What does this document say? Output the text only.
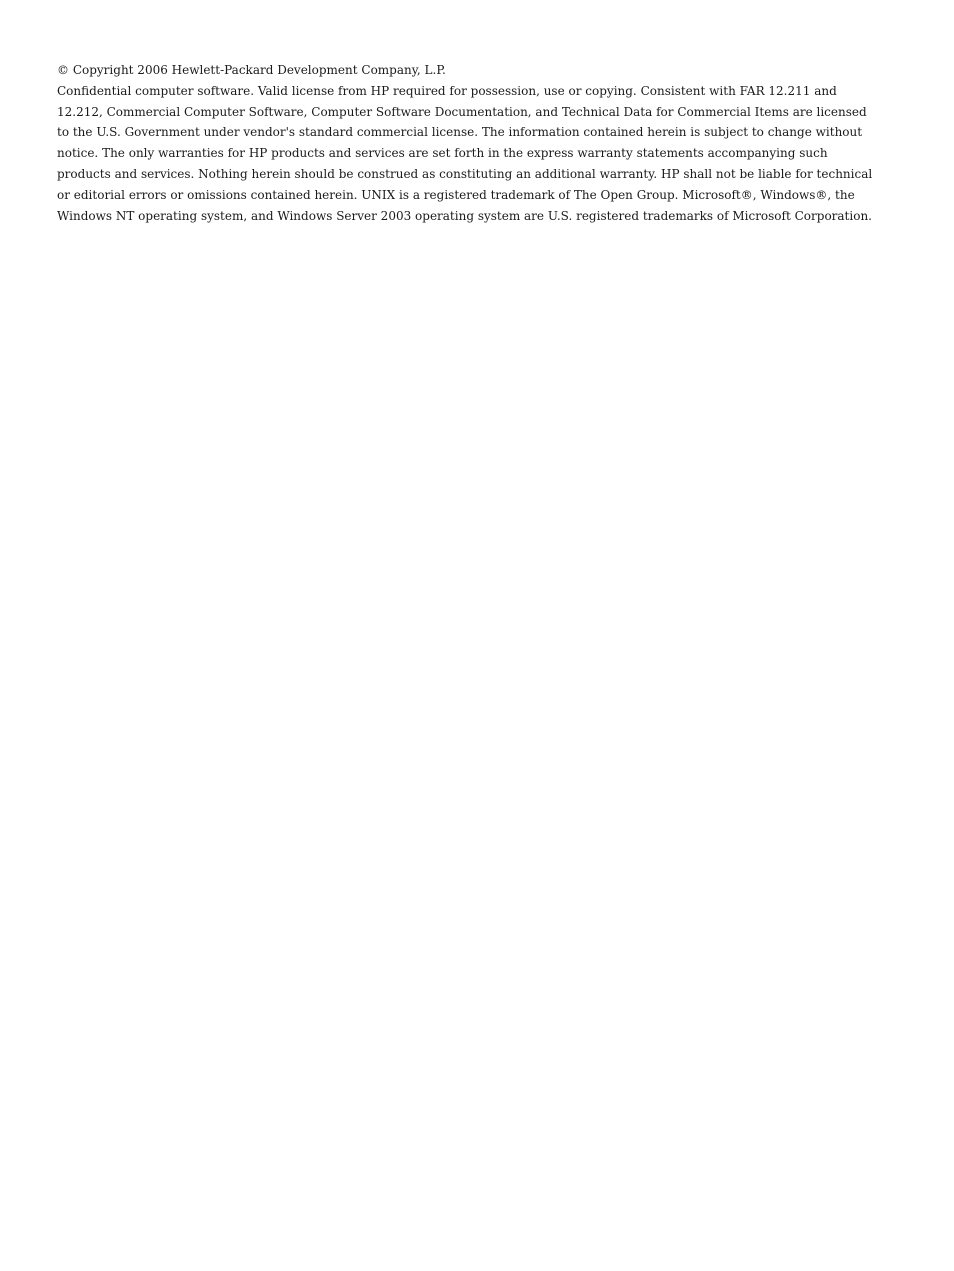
© Copyright 2006 Hewlett-Packard Development Company, L.P.

Confidential computer software. Valid license from HP required for possession, use or copying. Consistent with FAR 12.211 and 12.212, Commercial Computer Software, Computer Software Documentation, and Technical Data for Commercial Items are licensed to the U.S. Government under vendor's standard commercial license. The information contained herein is subject to change without notice. The only warranties for HP products and services are set forth in the express warranty statements accompanying such products and services. Nothing herein should be construed as constituting an additional warranty. HP shall not be liable for technical or editorial errors or omissions contained herein. UNIX is a registered trademark of The Open Group. Microsoft®, Windows®, the Windows NT operating system, and Windows Server 2003 operating system are U.S. registered trademarks of Microsoft Corporation.
